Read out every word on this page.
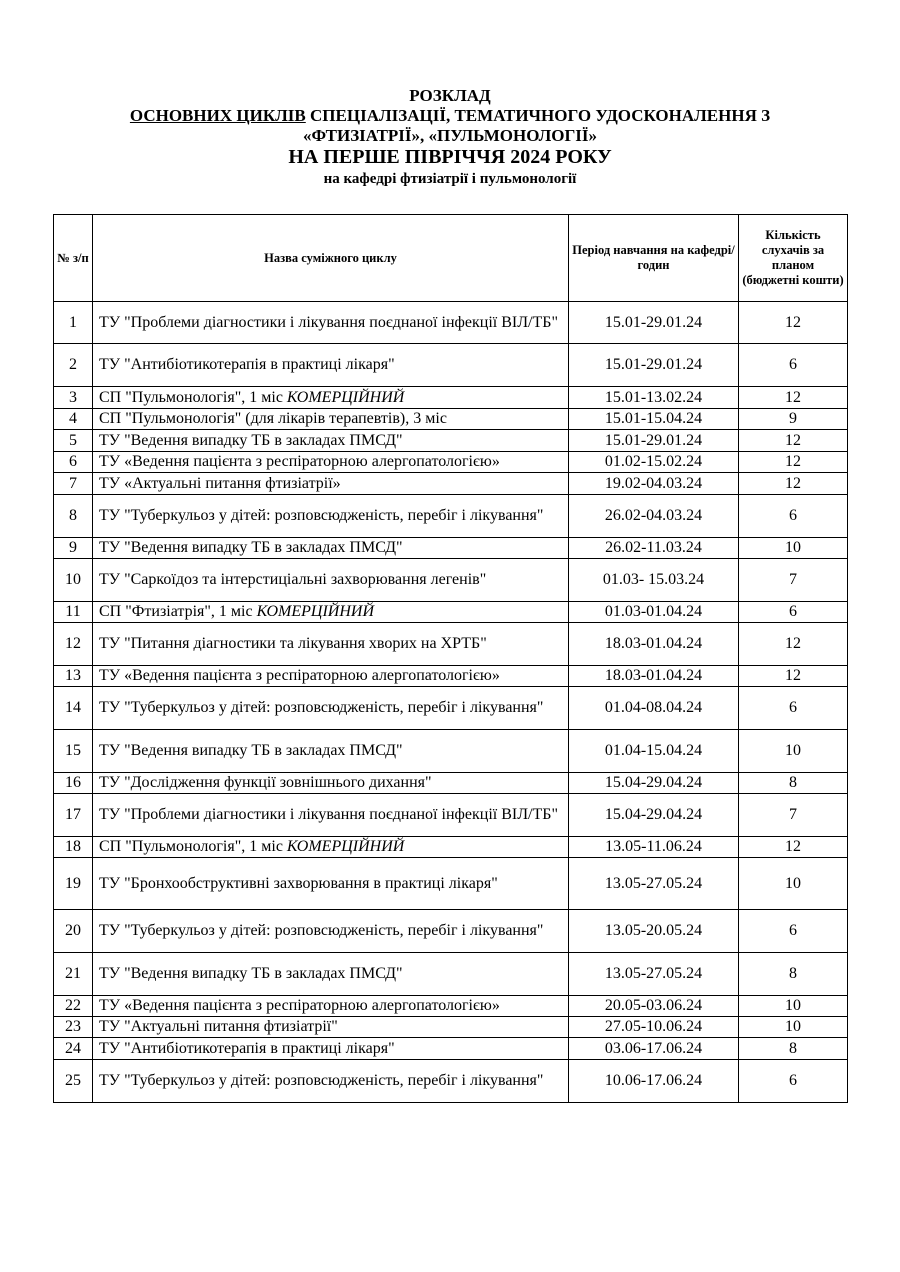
РОЗКЛАД
ОСНОВНИХ ЦИКЛІВ СПЕЦІАЛІЗАЦІЇ, ТЕМАТИЧНОГО УДОСКОНАЛЕННЯ З
«ФТИЗІАТРІЇ», «ПУЛЬМОНОЛОГІЇ»
НА ПЕРШЕ ПІВРІЧЧЯ 2024 РОКУ
на кафедрі фтизіатрії і пульмонології
№ з/п	Назва суміжного циклу	Період навчання на кафедрі/годин	Кількість слухачів за планом (бюджетні кошти)
1	ТУ "Проблеми діагностики і лікування поєднаної інфекції ВІЛ/ТБ"	15.01-29.01.24	12
2	ТУ "Антибіотикотерапія в практиці лікаря"	15.01-29.01.24	6
3	СП "Пульмонологія", 1 міс КОМЕРЦІЙНИЙ	15.01-13.02.24	12
4	СП "Пульмонологія" (для лікарів терапевтів), 3 міс	15.01-15.04.24	9
5	ТУ "Ведення випадку ТБ в закладах ПМСД"	15.01-29.01.24	12
6	ТУ «Ведення пацієнта з респіраторною алергопатологією»	01.02-15.02.24	12
7	ТУ «Актуальні питання фтизіатрії»	19.02-04.03.24	12
8	ТУ "Туберкульоз у дітей: розповсюдженість, перебіг і лікування"	26.02-04.03.24	6
9	ТУ "Ведення випадку ТБ в закладах ПМСД"	26.02-11.03.24	10
10	ТУ "Саркоїдоз та інтерстиціальні захворювання легенів"	01.03- 15.03.24	7
11	СП "Фтизіатрія", 1 міс КОМЕРЦІЙНИЙ	01.03-01.04.24	6
12	ТУ "Питання діагностики та лікування хворих на ХРТБ"	18.03-01.04.24	12
13	ТУ «Ведення пацієнта з респіраторною алергопатологією»	18.03-01.04.24	12
14	ТУ "Туберкульоз у дітей: розповсюдженість, перебіг і лікування"	01.04-08.04.24	6
15	ТУ "Ведення випадку ТБ в закладах ПМСД"	01.04-15.04.24	10
16	ТУ "Дослідження функції зовнішнього дихання"	15.04-29.04.24	8
17	ТУ "Проблеми діагностики і лікування поєднаної інфекції ВІЛ/ТБ"	15.04-29.04.24	7
18	СП "Пульмонологія", 1 міс КОМЕРЦІЙНИЙ	13.05-11.06.24	12
19	ТУ "Бронхообструктивні захворювання в практиці лікаря"	13.05-27.05.24	10
20	ТУ "Туберкульоз у дітей: розповсюдженість, перебіг і лікування"	13.05-20.05.24	6
21	ТУ "Ведення випадку ТБ в закладах ПМСД"	13.05-27.05.24	8
22	ТУ «Ведення пацієнта з респіраторною алергопатологією»	20.05-03.06.24	10
23	ТУ "Актуальні питання фтизіатрії"	27.05-10.06.24	10
24	ТУ "Антибіотикотерапія в практиці лікаря"	03.06-17.06.24	8
25	ТУ "Туберкульоз у дітей: розповсюдженість, перебіг і лікування"	10.06-17.06.24	6
